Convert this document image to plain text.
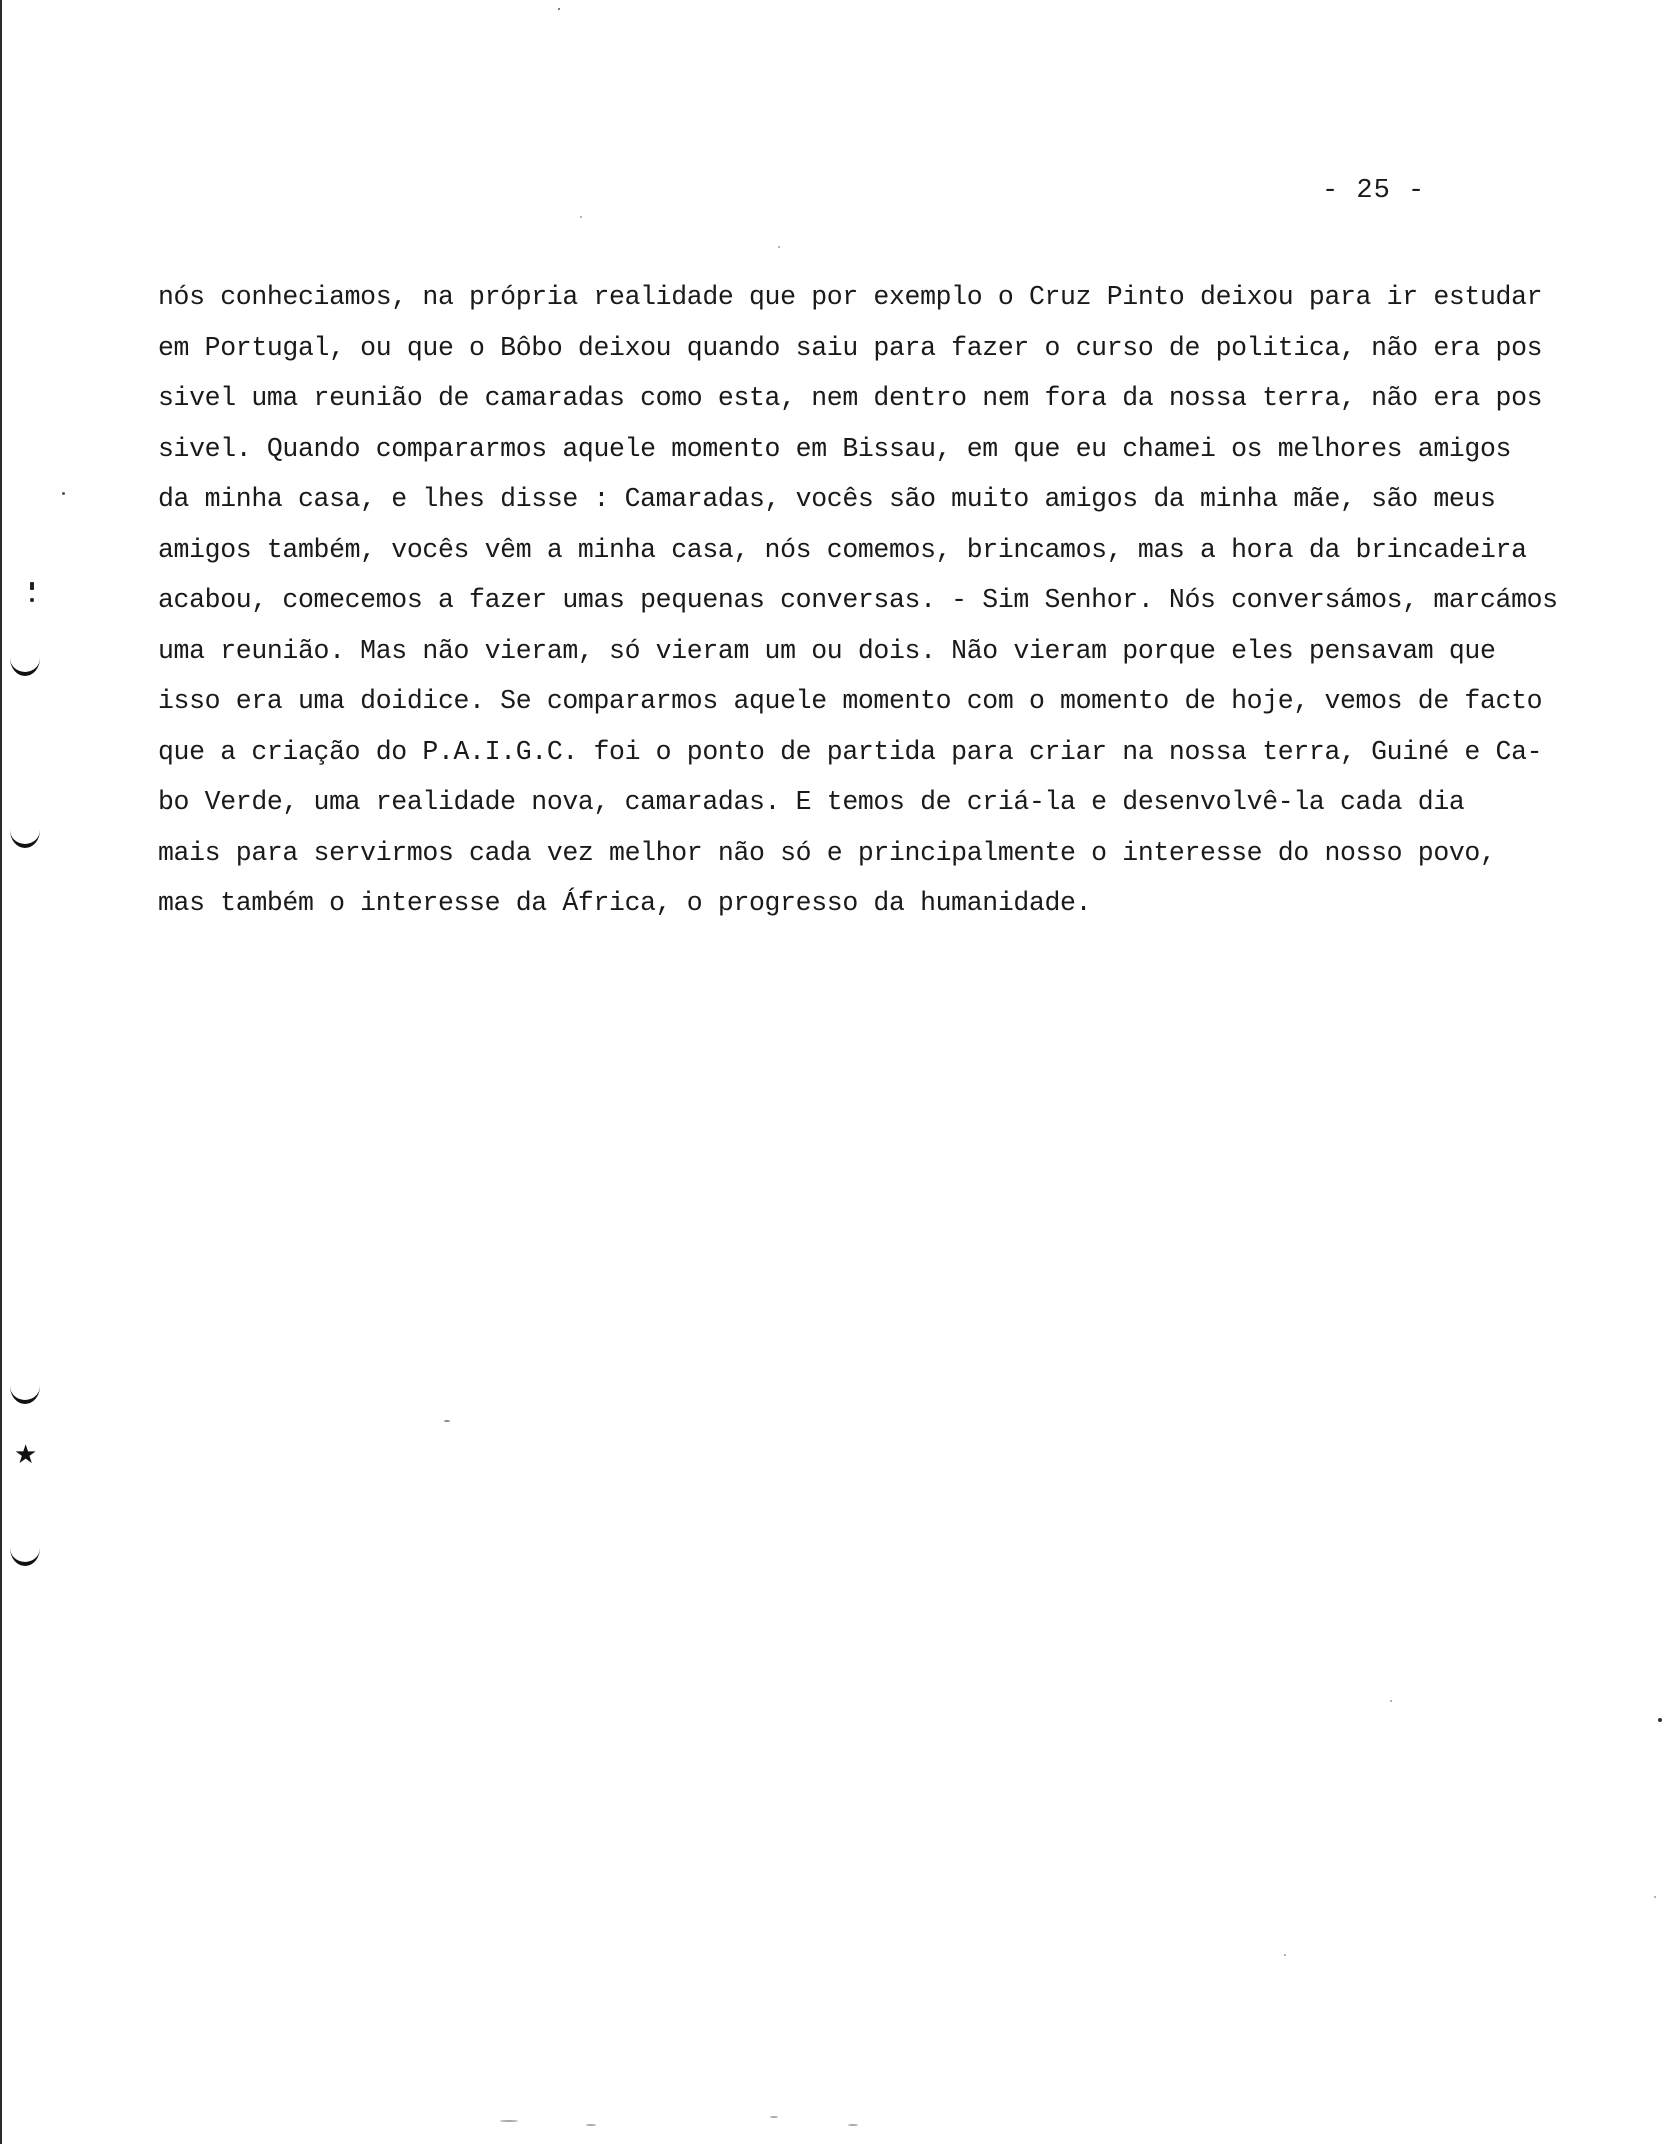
- 25 -
nós conheciamos, na própria realidade que por exemplo o Cruz Pinto deixou para ir estudar
em Portugal, ou que o Bôbo deixou quando saiu para fazer o curso de politica, não era pos
sivel uma reunião de camaradas como esta, nem dentro nem fora da nossa terra, não era pos
sivel. Quando compararmos aquele momento em Bissau, em que eu chamei os melhores amigos
da minha casa, e lhes disse : Camaradas, vocês são muito amigos da minha mãe, são meus
amigos também, vocês vêm a minha casa, nós comemos, brincamos, mas a hora da brincadeira
acabou, comecemos a fazer umas pequenas conversas. - Sim Senhor. Nós conversámos, marcámos
uma reunião. Mas não vieram, só vieram um ou dois. Não vieram porque eles pensavam que
isso era uma doidice. Se compararmos aquele momento com o momento de hoje, vemos de facto
que a criação do P.A.I.G.C. foi o ponto de partida para criar na nossa terra, Guiné e Ca-
bo Verde, uma realidade nova, camaradas. E temos de criá-la e desenvolvê-la cada dia
mais para servirmos cada vez melhor não só e principalmente o interesse do nosso povo,
mas também o interesse da África, o progresso da humanidade.
★
